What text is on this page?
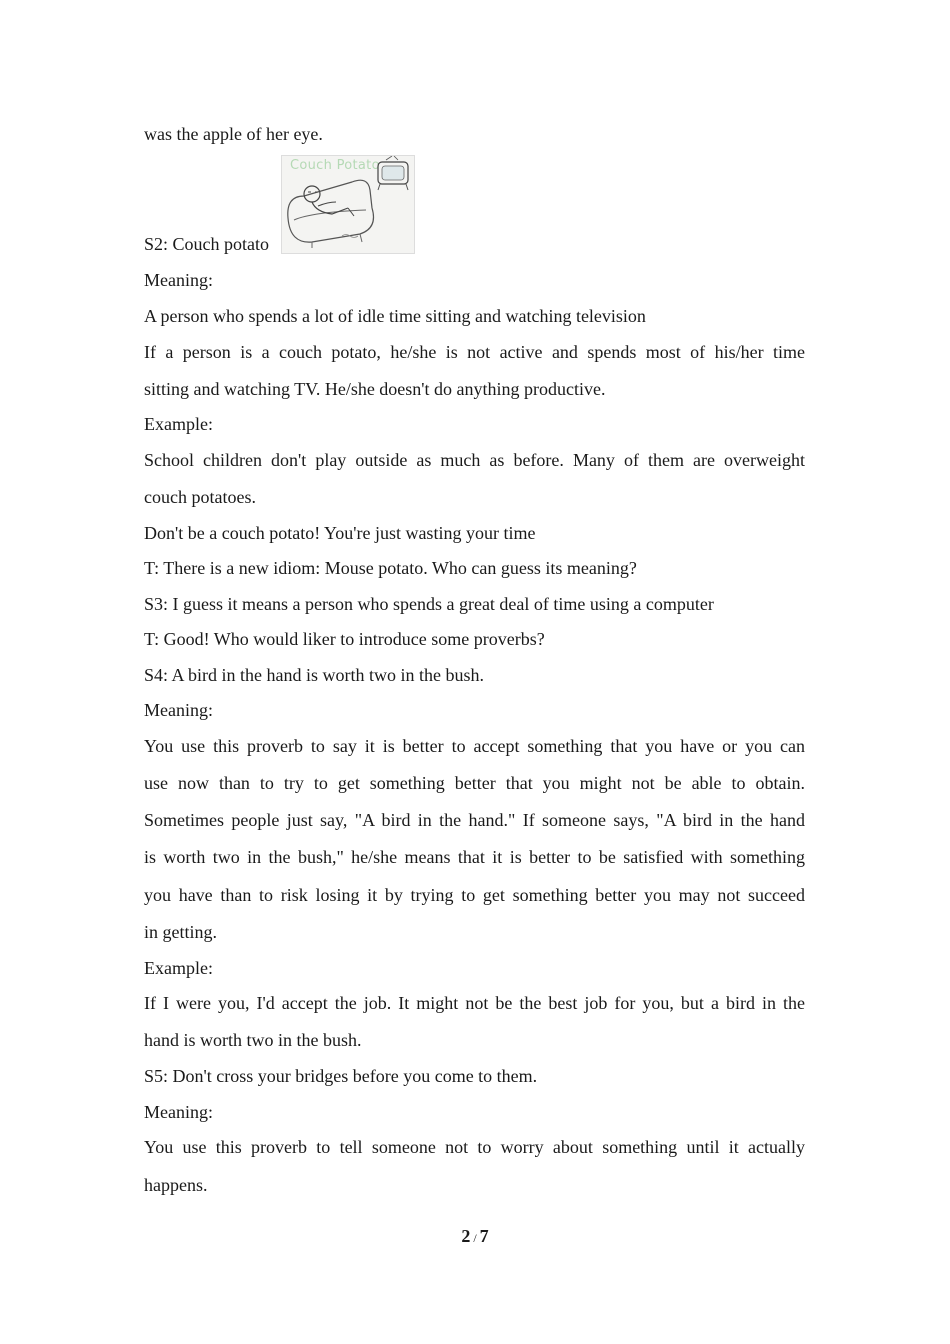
was the apple of her eye.
S2: Couch potato
Meaning:
A person who spends a lot of idle time sitting and watching television
If a person is a couch potato, he/she is not active and spends most of his/her time
sitting and watching TV. He/she doesn't do anything productive.
Example:
School children don't play outside as much as before. Many of them are overweight
couch potatoes.
Don't be a couch potato! You're just wasting your time
T: There is a new idiom: Mouse potato. Who can guess its meaning?
S3: I guess it means a person who spends a great deal of time using a computer
T: Good! Who would liker to introduce some proverbs?
S4: A bird in the hand is worth two in the bush.
Meaning:
You use this proverb to say it is better to accept something that you have or you can
use now than to try to get something better that you might not be able to obtain.
Sometimes people just say, "A bird in the hand." If someone says, "A bird in the hand
is worth two in the bush," he/she means that it is better to be satisfied with something
you have than to risk losing it by trying to get something better you may not succeed
in getting.
Example:
If I were you, I'd accept the job. It might not be the best job for you, but a bird in the
hand is worth two in the bush.
S5: Don't cross your bridges before you come to them.
Meaning:
You use this proverb to tell someone not to worry about something until it actually
happens.
Couch Potato
2 / 7
